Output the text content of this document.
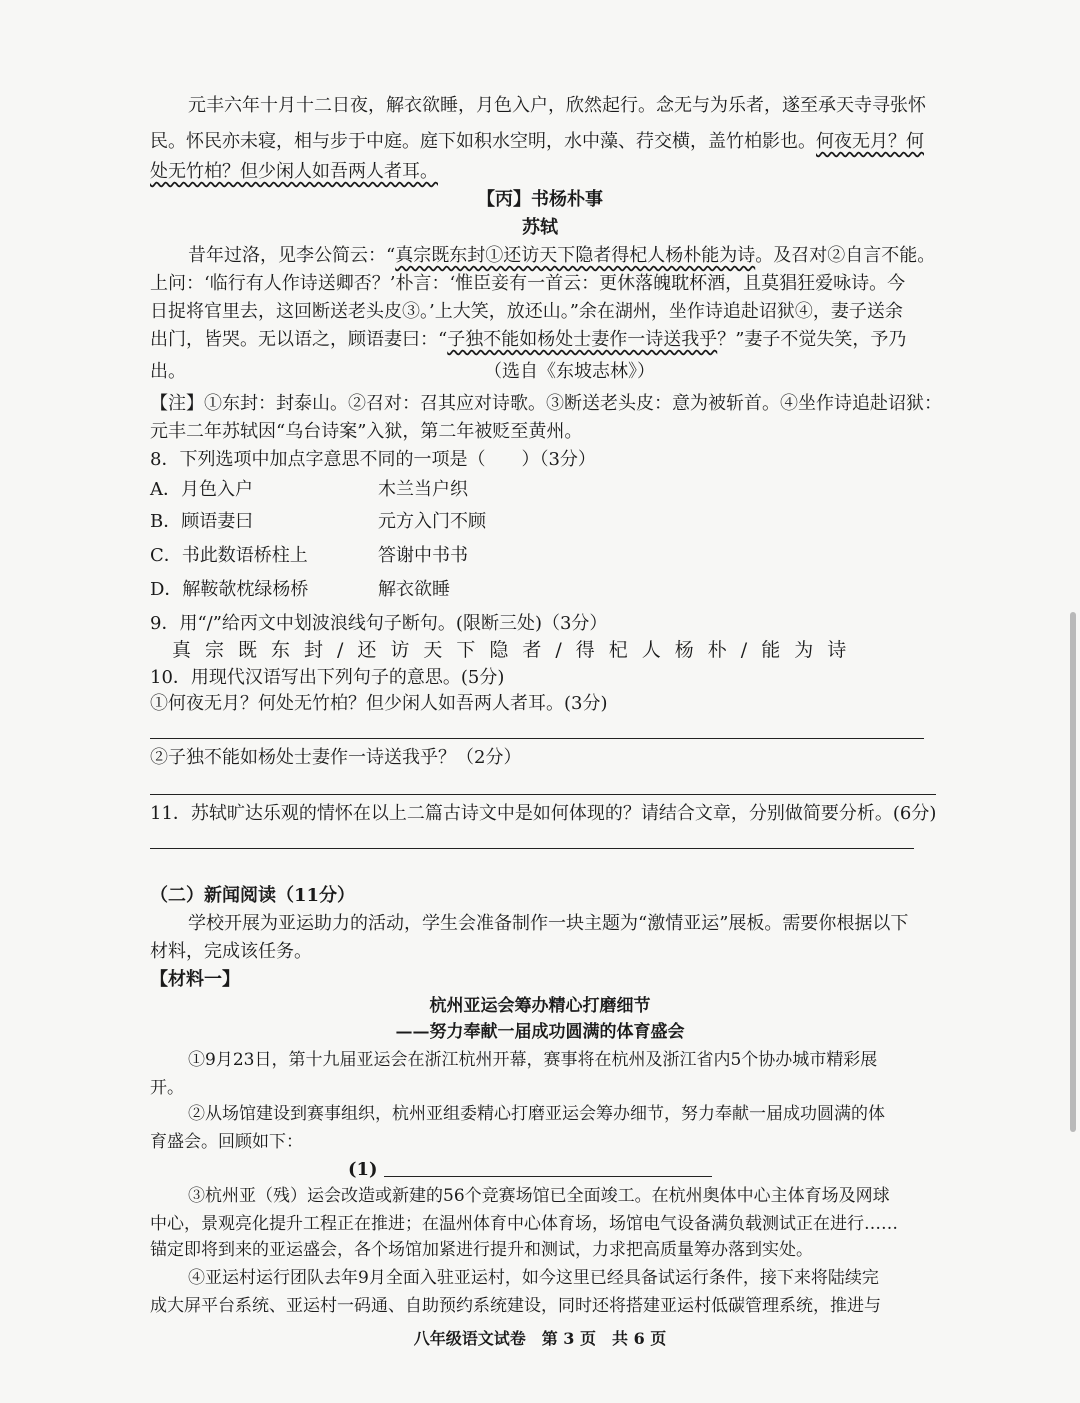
元丰六年十月十二日夜，解衣欲睡，月色入户，欣然起行。念无与为乐者，遂至承天寺寻张怀
民。怀民亦未寝，相与步于中庭。庭下如积水空明，水中藻、荇交横，盖竹柏影也。何夜无月？何
处无竹柏？但少闲人如吾两人者耳。
【丙】书杨朴事
苏轼
昔年过洛，见李公简云：“真宗既东封①还访天下隐者得杞人杨朴能为诗。及召对②自言不能。
上问：‘临行有人作诗送卿否？’朴言：‘惟臣妾有一首云：更休落魄耽杯酒，且莫猖狂爱咏诗。今
日捉将官里去，这回断送老头皮③。’上大笑，放还山。”余在湖州，坐作诗追赴诏狱④，妻子送余
出门，皆哭。无以语之，顾语妻曰：“子独不能如杨处士妻作一诗送我乎？”妻子不觉失笑，予乃
出。	（选自《东坡志林》）
【注】①东封：封泰山。②召对：召其应对诗歌。③断送老头皮：意为被斩首。④坐作诗追赴诏狱：
元丰二年苏轼因“乌台诗案”入狱，第二年被贬至黄州。
8．下列选项中加点字意思不同的一项是（　　）（3分）
A．月色入户	木兰当户织
B．顾语妻曰	元方入门不顾
C．书此数语桥柱上	答谢中书书
D．解鞍欹枕绿杨桥	解衣欲睡
9．用“/”给丙文中划波浪线句子断句。(限断三处)（3分）
真宗既东封/还访天下隐者/得杞人杨朴/能为诗
10．用现代汉语写出下列句子的意思。(5分)
①何夜无月？何处无竹柏？但少闲人如吾两人者耳。(3分)
②子独不能如杨处士妻作一诗送我乎？（2分）
11．苏轼旷达乐观的情怀在以上二篇古诗文中是如何体现的？请结合文章，分别做简要分析。(6分)
（二）新闻阅读（11分）
学校开展为亚运助力的活动，学生会准备制作一块主题为“激情亚运”展板。需要你根据以下
材料，完成该任务。
【材料一】
杭州亚运会筹办精心打磨细节
——努力奉献一届成功圆满的体育盛会
①9月23日，第十九届亚运会在浙江杭州开幕，赛事将在杭州及浙江省内5个协办城市精彩展
开。
②从场馆建设到赛事组织，杭州亚组委精心打磨亚运会筹办细节，努力奉献一届成功圆满的体
育盛会。回顾如下：
(1)
③杭州亚（残）运会改造或新建的56个竞赛场馆已全面竣工。在杭州奥体中心主体育场及网球
中心，景观亮化提升工程正在推进；在温州体育中心体育场，场馆电气设备满负载测试正在进行……
锚定即将到来的亚运盛会，各个场馆加紧进行提升和测试，力求把高质量筹办落到实处。
④亚运村运行团队去年9月全面入驻亚运村，如今这里已经具备试运行条件，接下来将陆续完
成大屏平台系统、亚运村一码通、自助预约系统建设，同时还将搭建亚运村低碳管理系统，推进与
八年级语文试卷　第 3 页　共 6 页
